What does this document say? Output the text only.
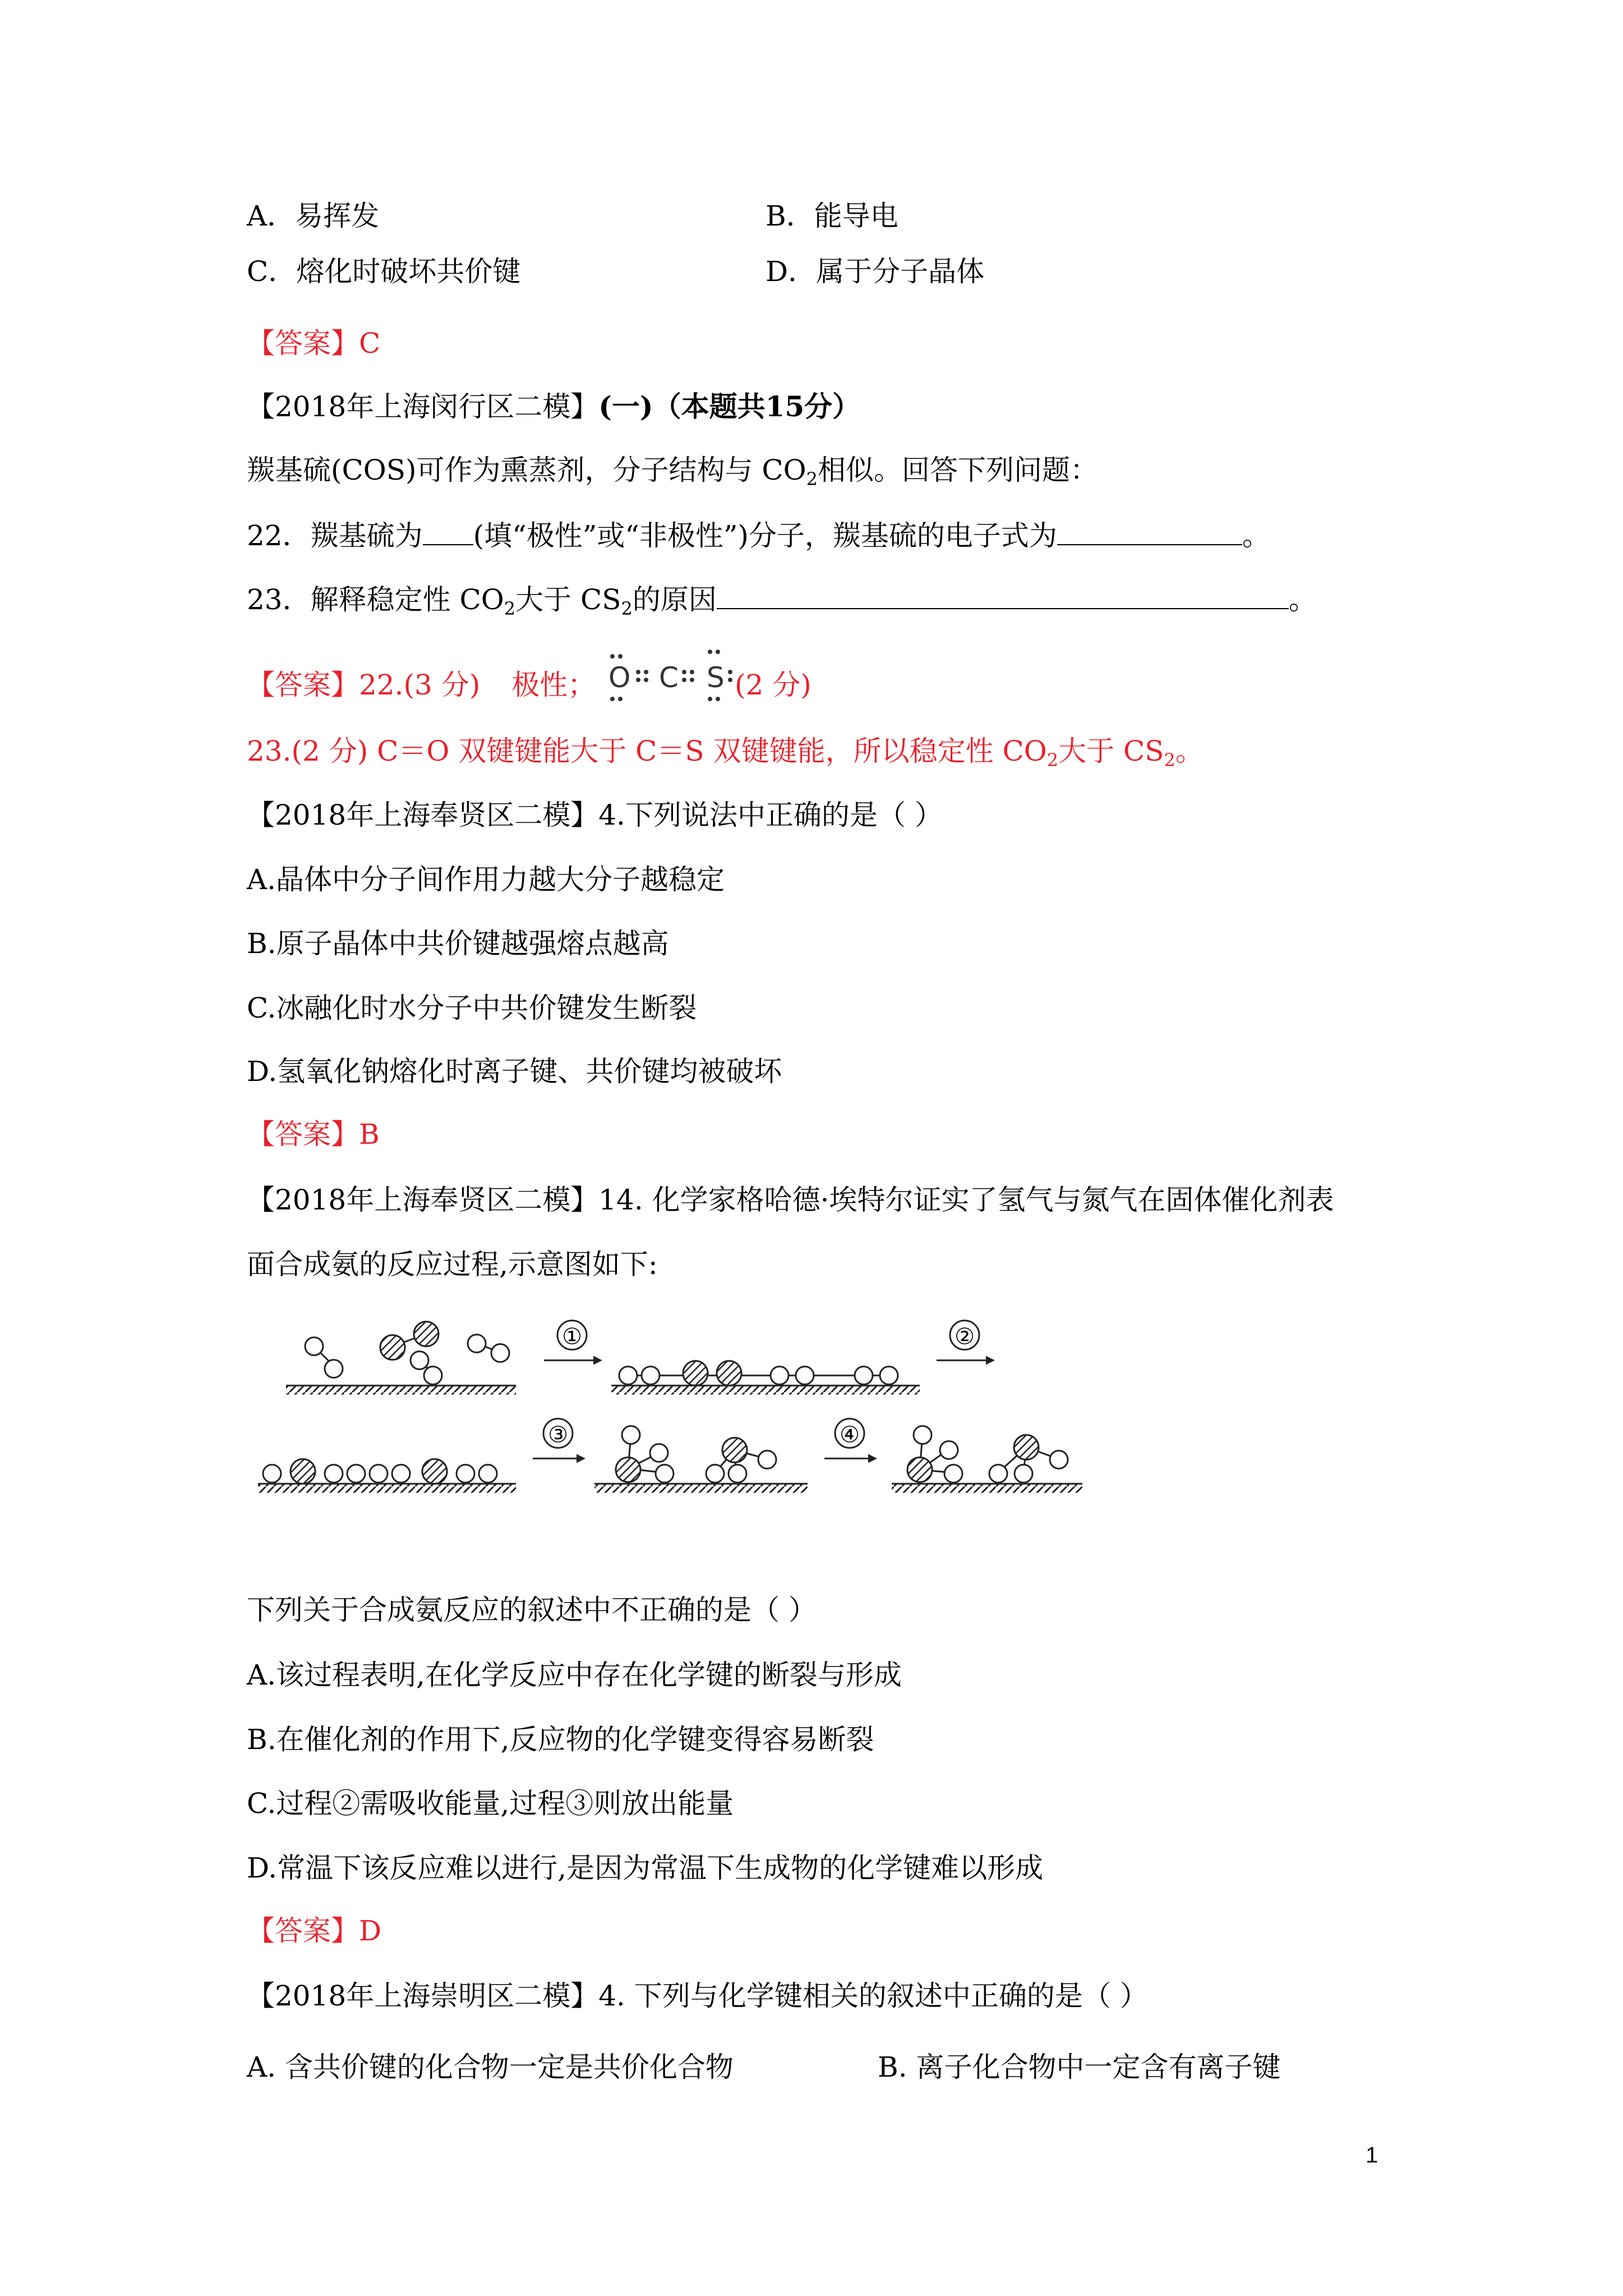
A．易挥发	B．能导电
C．熔化时破坏共价键	D．属于分子晶体
【答案】C
【2018年上海闵行区二模】(一)（本题共15分）
羰基硫(COS)可作为熏蒸剂，分子结构与 $CO_2$相似。回答下列问题：
22．羰基硫为 (填“极性”或“非极性”)分子，羰基硫的电子式为	。
23．解释稳定性 $CO_2$大于 $CS_2$的原因	。
【答案】22.(3 分) 极性； O C S (2 分)
23.(2 分) C＝O 双键键能大于 C＝S 双键键能，所以稳定性 $CO_2$大于 $CS_2$。
【2018年上海奉贤区二模】4.下列说法中正确的是（ ）
A.晶体中分子间作用力越大分子越稳定
B.原子晶体中共价键越强熔点越高
C.冰融化时水分子中共价键发生断裂
D.氢氧化钠熔化时离子键、共价键均被破坏
【答案】B
【2018年上海奉贤区二模】14. 化学家格哈德·埃特尔证实了氢气与氮气在固体催化剂表
面合成氨的反应过程,示意图如下:
①	②
③	④
下列关于合成氨反应的叙述中不正确的是（ ）
A.该过程表明,在化学反应中存在化学键的断裂与形成
B.在催化剂的作用下,反应物的化学键变得容易断裂
C.过程②需吸收能量,过程③则放出能量
D.常温下该反应难以进行,是因为常温下生成物的化学键难以形成
【答案】D
【2018年上海崇明区二模】4. 下列与化学键相关的叙述中正确的是（ ）
A. 含共价键的化合物一定是共价化合物	B. 离子化合物中一定含有离子键
1
